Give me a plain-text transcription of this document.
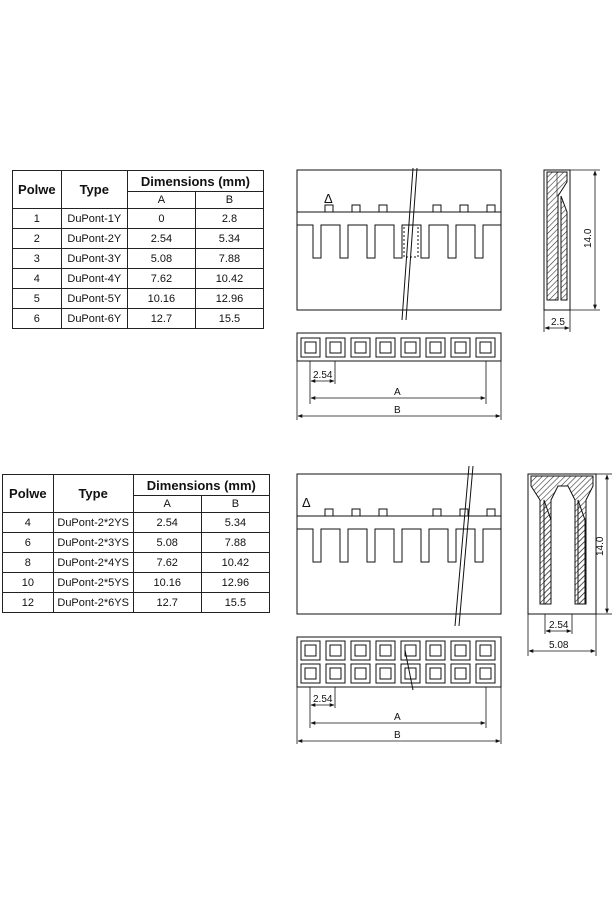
Polwe	Type	Dimensions (mm)	
		A	B
1	DuPont-1Y	0	2.8
2	DuPont-2Y	2.54	5.34
3	DuPont-3Y	5.08	7.88
4	DuPont-4Y	7.62	10.42
5	DuPont-5Y	10.16	12.96
6	DuPont-6Y	12.7	15.5
Polwe	Type	Dimensions (mm)	
		A	B
4	DuPont-2*2YS	2.54	5.34
6	DuPont-2*3YS	5.08	7.88
8	DuPont-2*4YS	7.62	10.42
10	DuPont-2*5YS	10.16	12.96
12	DuPont-2*6YS	12.7	15.5
Δ
2.54
A
B
14.0
2.5
Δ
2.54
A
B
14.0
2.54
5.08
